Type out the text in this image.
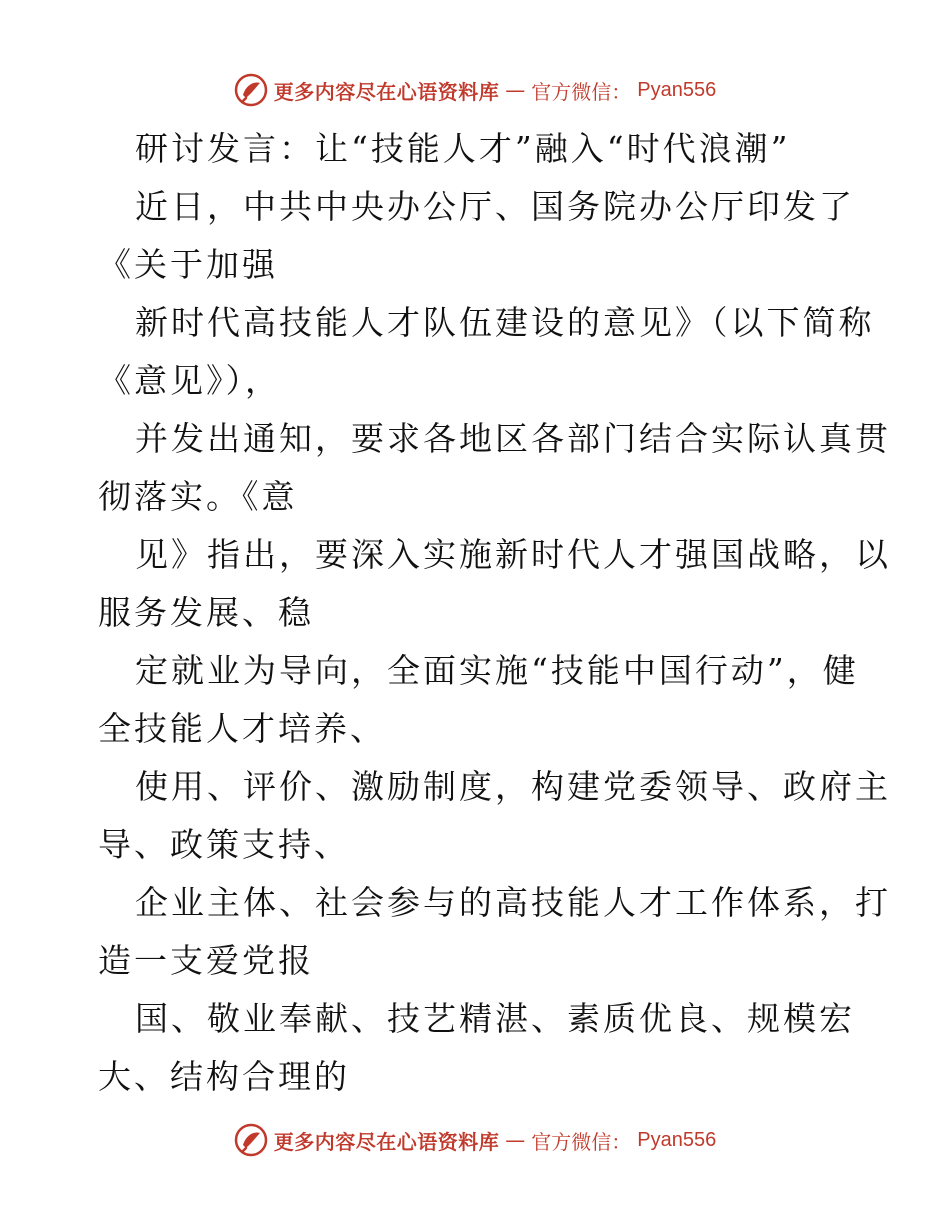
更多内容尽在心语资料库 — 官方微信： Pyan556
研讨发言：让“技能人才”融入“时代浪潮”
近日，中共中央办公厅、国务院办公厅印发了
《关于加强
新时代高技能人才队伍建设的意见》（以下简称
《意见》），
并发出通知，要求各地区各部门结合实际认真贯
彻落实。《意
见》指出，要深入实施新时代人才强国战略，以
服务发展、稳
定就业为导向，全面实施“技能中国行动”，健
全技能人才培养、
使用、评价、激励制度，构建党委领导、政府主
导、政策支持、
企业主体、社会参与的高技能人才工作体系，打
造一支爱党报
国、敬业奉献、技艺精湛、素质优良、规模宏
大、结构合理的
更多内容尽在心语资料库 — 官方微信： Pyan556
